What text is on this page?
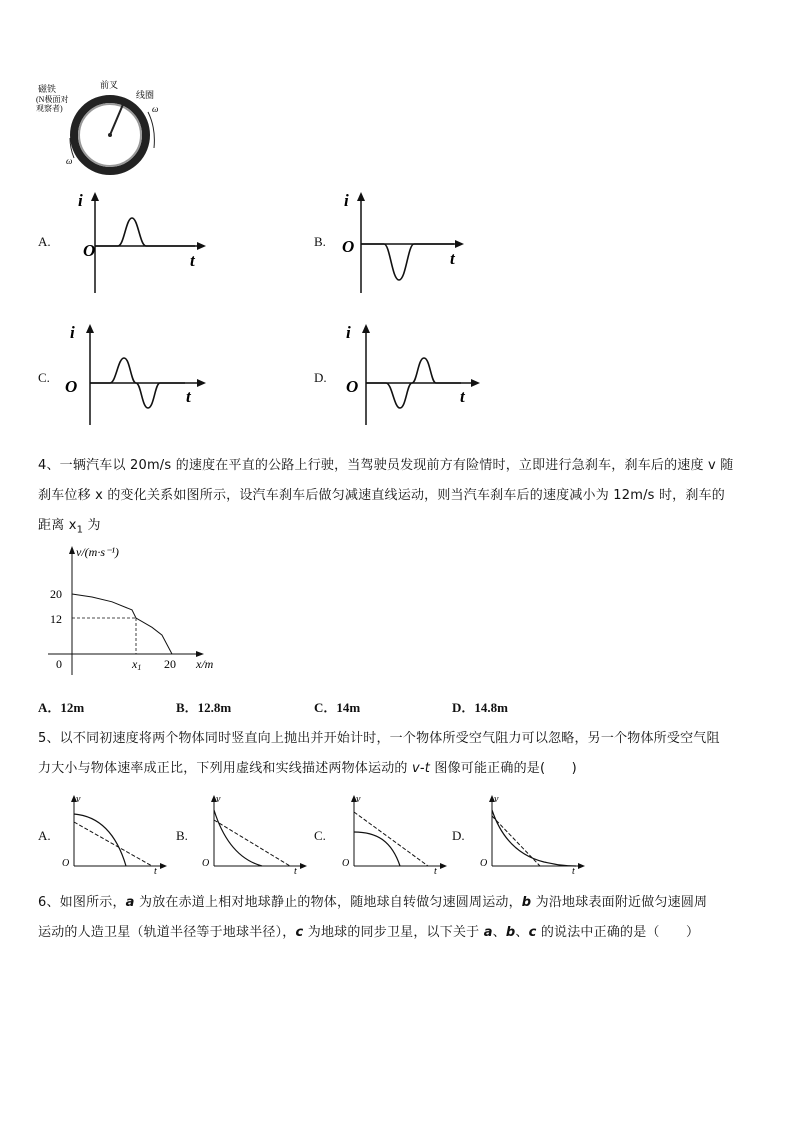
磁铁
(N极面对
观察者)
前叉
线圈
ω
ω
A. O
i
t
B. O
i
t
C. O
i
t
D. O
i
t
4、一辆汽车以 20m/s 的速度在平直的公路上行驶，当驾驶员发现前方有险情时，立即进行急刹车，刹车后的速度 v 随
刹车位移 x 的变化关系如图所示，设汽车刹车后做匀减速直线运动，则当汽车刹车后的速度减小为 12m/s 时，刹车的
距离 $x_1$ 为
v/(m·s⁻¹)
20
12
0	x1 20 x/m
A．12m	B．12.8m	C．14m	D．14.8m
5、以不同初速度将两个物体同时竖直向上抛出并开始计时，一个物体所受空气阻力可以忽略，另一个物体所受空气阻
力大小与物体速率成正比，下列用虚线和实线描述两物体运动的 v-t 图像可能正确的是(　　)
A.
O
v
t
B.
O
v
t
C.
O
v
t
D.
O
v
t
6、如图所示，a 为放在赤道上相对地球静止的物体，随地球自转做匀速圆周运动，b 为沿地球表面附近做匀速圆周
运动的人造卫星（轨道半径等于地球半径），c 为地球的同步卫星，以下关于 a、b、c 的说法中正确的是（　　）
